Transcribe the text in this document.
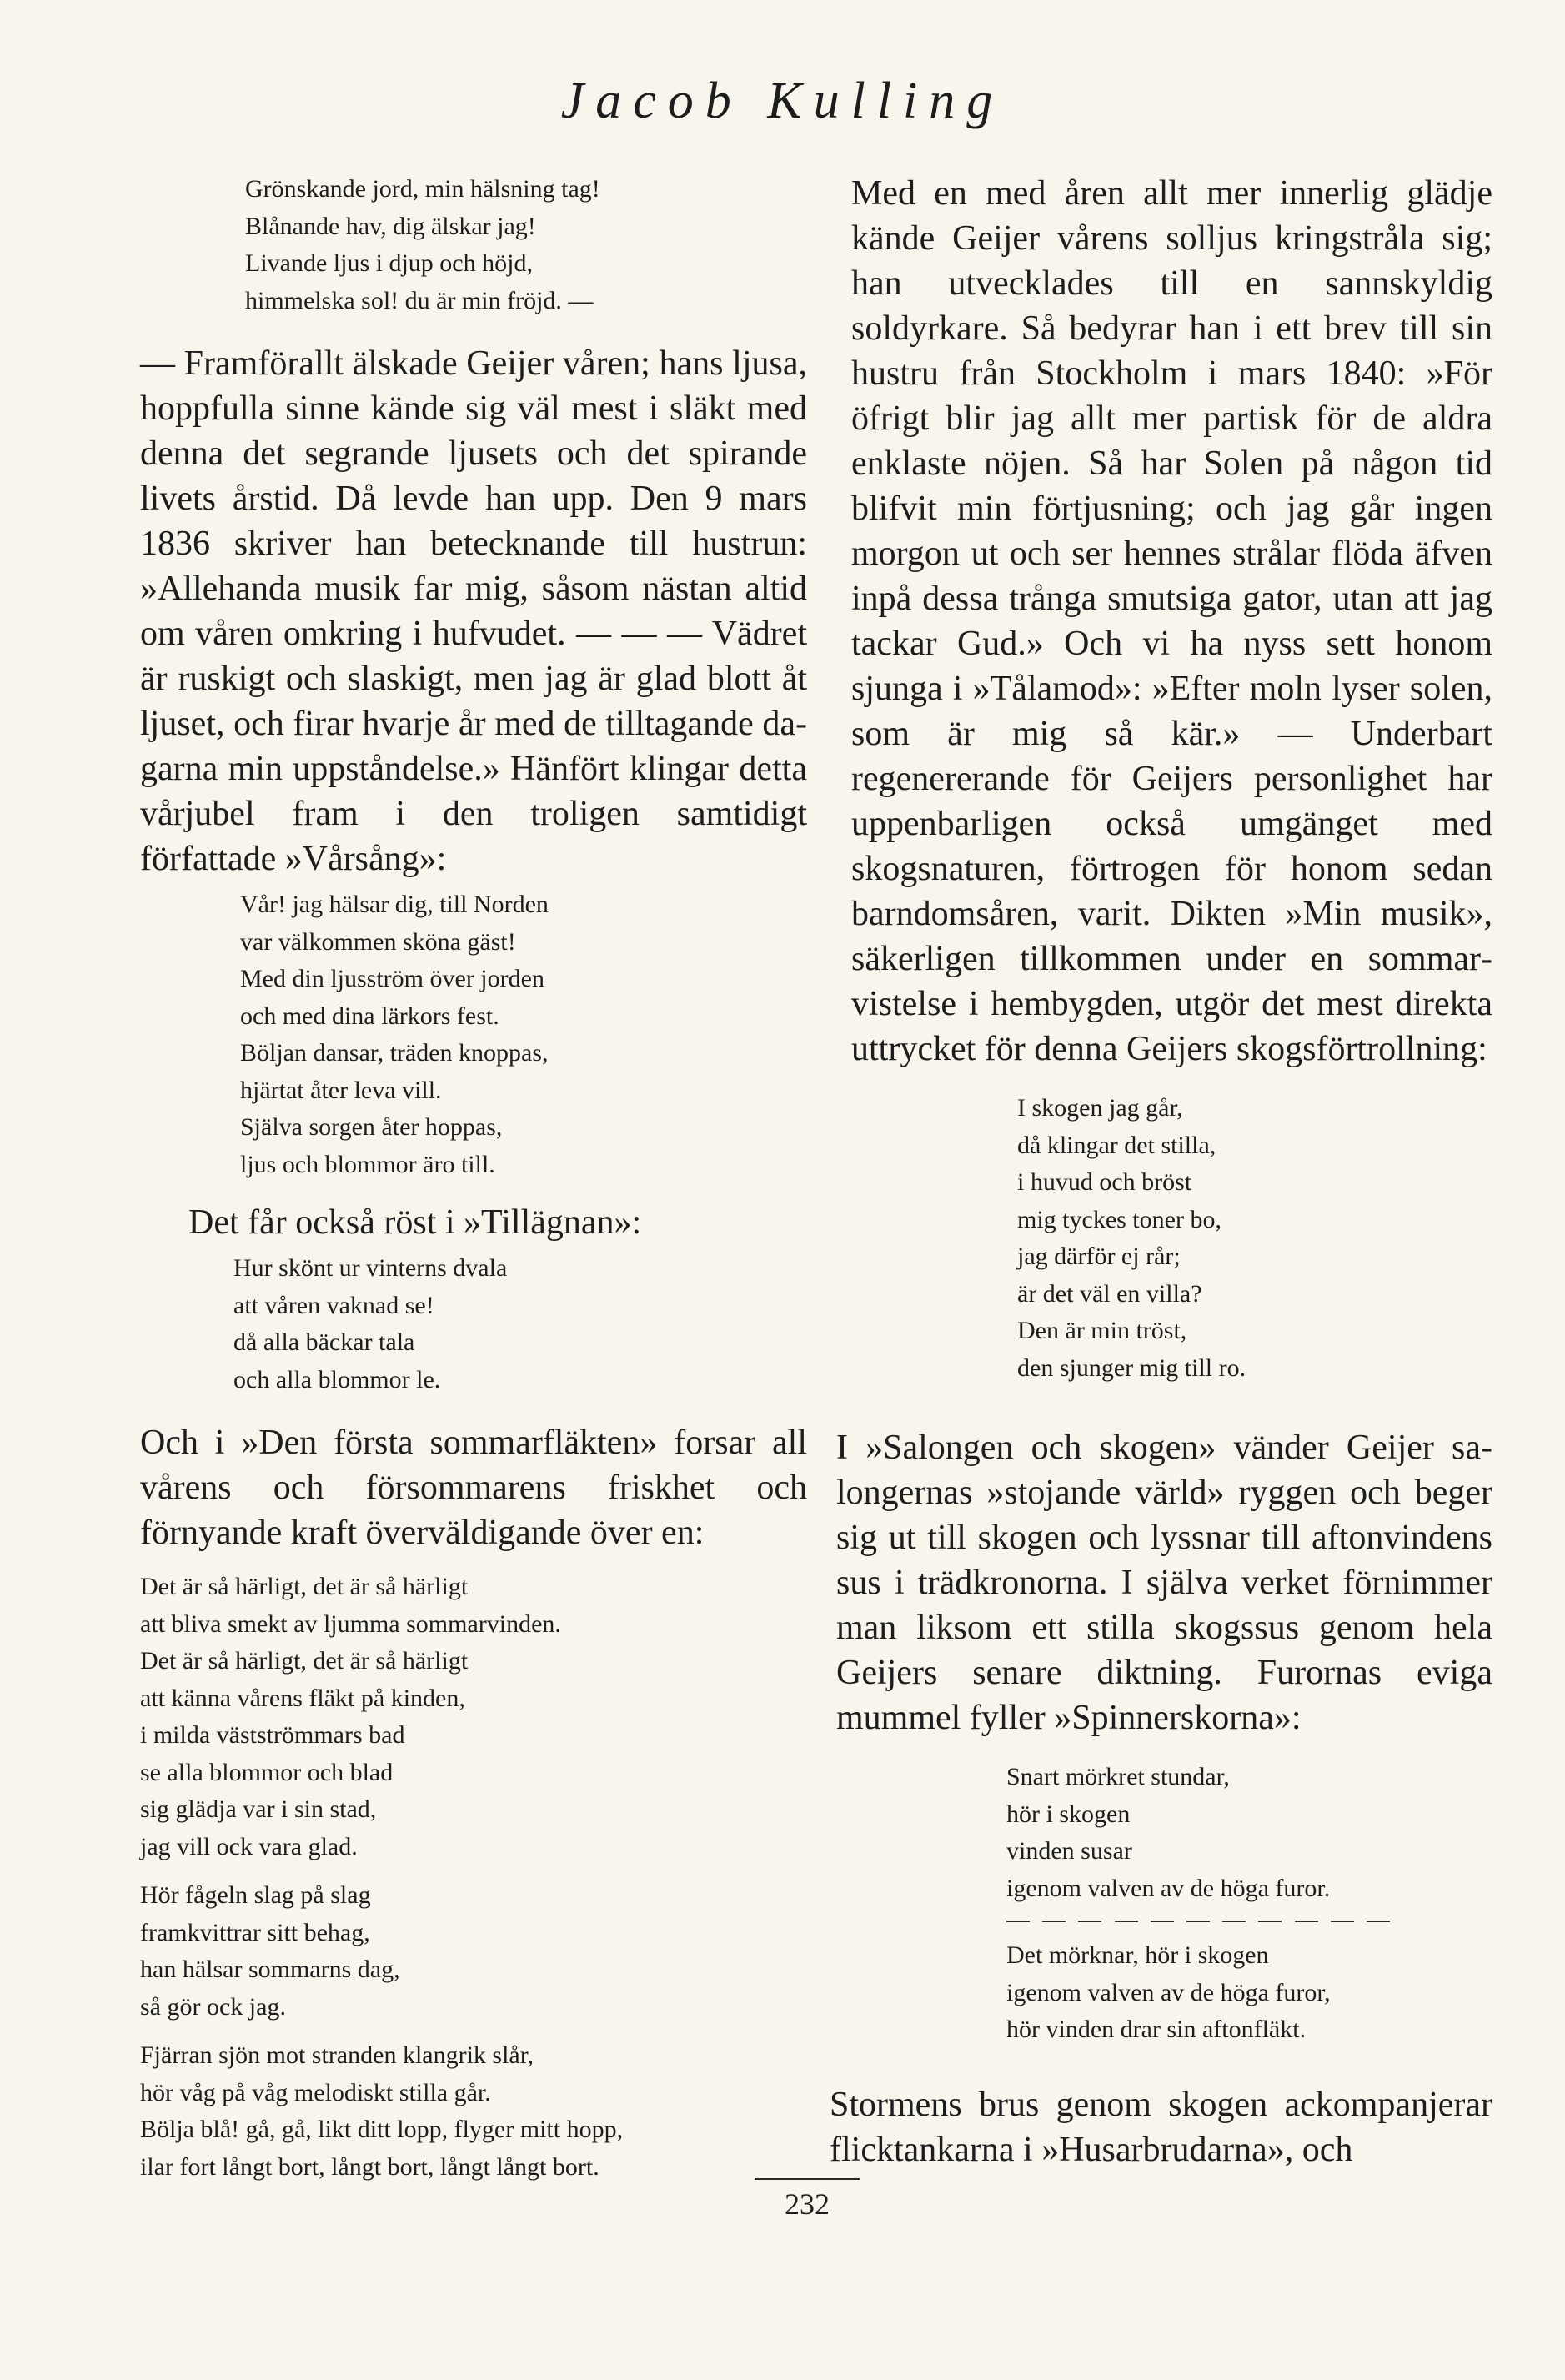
Jacob Kulling
Grönskande jord, min hälsning tag!
Blånande hav, dig älskar jag!
Livande ljus i djup och höjd,
himmelska sol! du är min fröjd. —

— Framförallt älskade Geijer våren; hans ljusa, hoppfulla sinne kände sig väl mest i släkt med denna det segrande ljusets och det spirande livets årstid. Då levde han upp. Den 9 mars 1836 skriver han betecknande till hustrun: »Allehanda musik far mig, såsom nästan altid om våren omkring i hufvudet. — — — Vädret är ruskigt och slaskigt, men jag är glad blott åt ljuset, och firar hvarje år med de tilltagande dagarna min uppståndelse.» Hänfört klingar detta vårjubel fram i den troligen samtidigt författade »Vårsång»:

Vår! jag hälsar dig, till Norden
var välkommen sköna gäst!
Med din ljusström över jorden
och med dina lärkors fest.
Böljan dansar, träden knoppas,
hjärtat åter leva vill.
Själva sorgen åter hoppas,
ljus och blommor äro till.

Det får också röst i »Tillägnan»:

Hur skönt ur vinterns dvala
att våren vaknad se!
då alla bäckar tala
och alla blommor le.

Och i »Den första sommarfläkten» forsar all vårens och försommarens friskhet och förnyande kraft överväldigande över en:

Det är så härligt, det är så härligt
att bliva smekt av ljumma sommarvinden.
Det är så härligt, det är så härligt
att känna vårens fläkt på kinden,
i milda västströmmars bad
se alla blommor och blad
sig glädja var i sin stad,
jag vill ock vara glad.
Hör fågeln slag på slag
framkvittrar sitt behag,
han hälsar sommarns dag,
så gör ock jag.
Fjärran sjön mot stranden klangrik slår,
hör våg på våg melodiskt stilla går.
Bölja blå! gå, gå, likt ditt lopp, flyger mitt hopp,
ilar fort långt bort, långt bort, långt långt bort.

Med en med åren allt mer innerlig glädje kände Geijer vårens solljus kringstråla sig; han utvecklades till en sannskyldig soldyrkare. Så bedyrar han i ett brev till sin hustru från Stockholm i mars 1840: »För öfrigt blir jag allt mer partisk för de aldra enklaste nöjen. Så har Solen på någon tid blifvit min förtjusning; och jag går ingen morgon ut och ser hennes strålar flöda äfven inpå dessa trånga smutsiga gator, utan att jag tackar Gud.» Och vi ha nyss sett honom sjunga i »Tålamod»: »Efter moln lyser solen, som är mig så kär.» — Underbart regenererande för Geijers personlighet har uppenbarligen också umgänget med skogsnaturen, förtrogen för honom sedan barndomsåren, varit. Dikten »Min musik», säkerligen tillkommen under en sommarvistelse i hembygden, utgör det mest direkta uttrycket för denna Geijers skogsförtrollning:

I skogen jag går,
då klingar det stilla,
i huvud och bröst
mig tyckes toner bo,
jag därför ej rår;
är det väl en villa?
Den är min tröst,
den sjunger mig till ro.

I »Salongen och skogen» vänder Geijer salongernas »stojande värld» ryggen och beger sig ut till skogen och lyssnar till aftonvindens sus i trädkronorna. I själva verket förnimmer man liksom ett stilla skogssus genom hela Geijers senare diktning. Furornas eviga mummel fyller »Spinnerskorna»:

Snart mörkret stundar,
hör i skogen
vinden susar
igenom valven av de höga furor.
Det mörknar, hör i skogen
igenom valven av de höga furor,
hör vinden drar sin aftonfläkt.

Stormens brus genom skogen ackompanjerar flicktankarna i »Husarbrudarna», och

232
